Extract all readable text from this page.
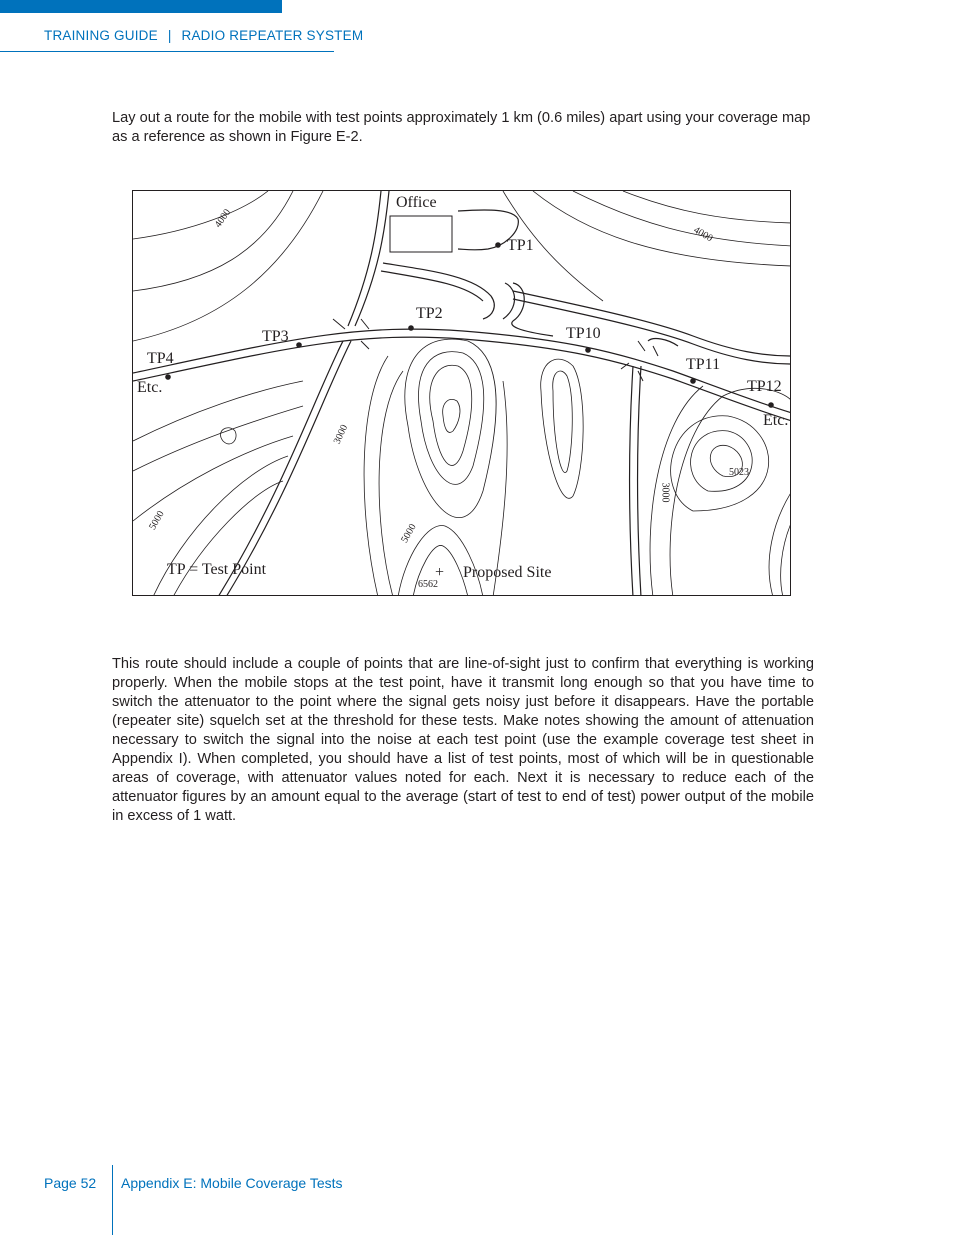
TRAINING GUIDE | RADIO REPEATER SYSTEM

Lay out a route for the mobile with test points approximately 1 km (0.6 miles) apart using your coverage map as a reference as shown in Figure E-2.

Office
TP1
TP2
TP3
TP4
Etc.
TP10
TP11
TP12
Etc.
TP = Test Point	+ Proposed Site
4000
4000
3000
3000
5000
5000
5023
6562

This route should include a couple of points that are line-of-sight just to confirm that everything is working properly. When the mobile stops at the test point, have it transmit long enough so that you have time to switch the attenuator to the point where the signal gets noisy just before it disappears. Have the portable (repeater site) squelch set at the threshold for these tests. Make notes showing the amount of attenuation necessary to switch the signal into the noise at each test point (use the example coverage test sheet in Appendix I). When completed, you should have a list of test points, most of which will be in questionable areas of coverage, with attenuator values noted for each. Next it is necessary to reduce each of the attenuator figures by an amount equal to the average (start of test to end of test) power output of the mobile in excess of 1 watt.

Page 52 Appendix E: Mobile Coverage Tests
